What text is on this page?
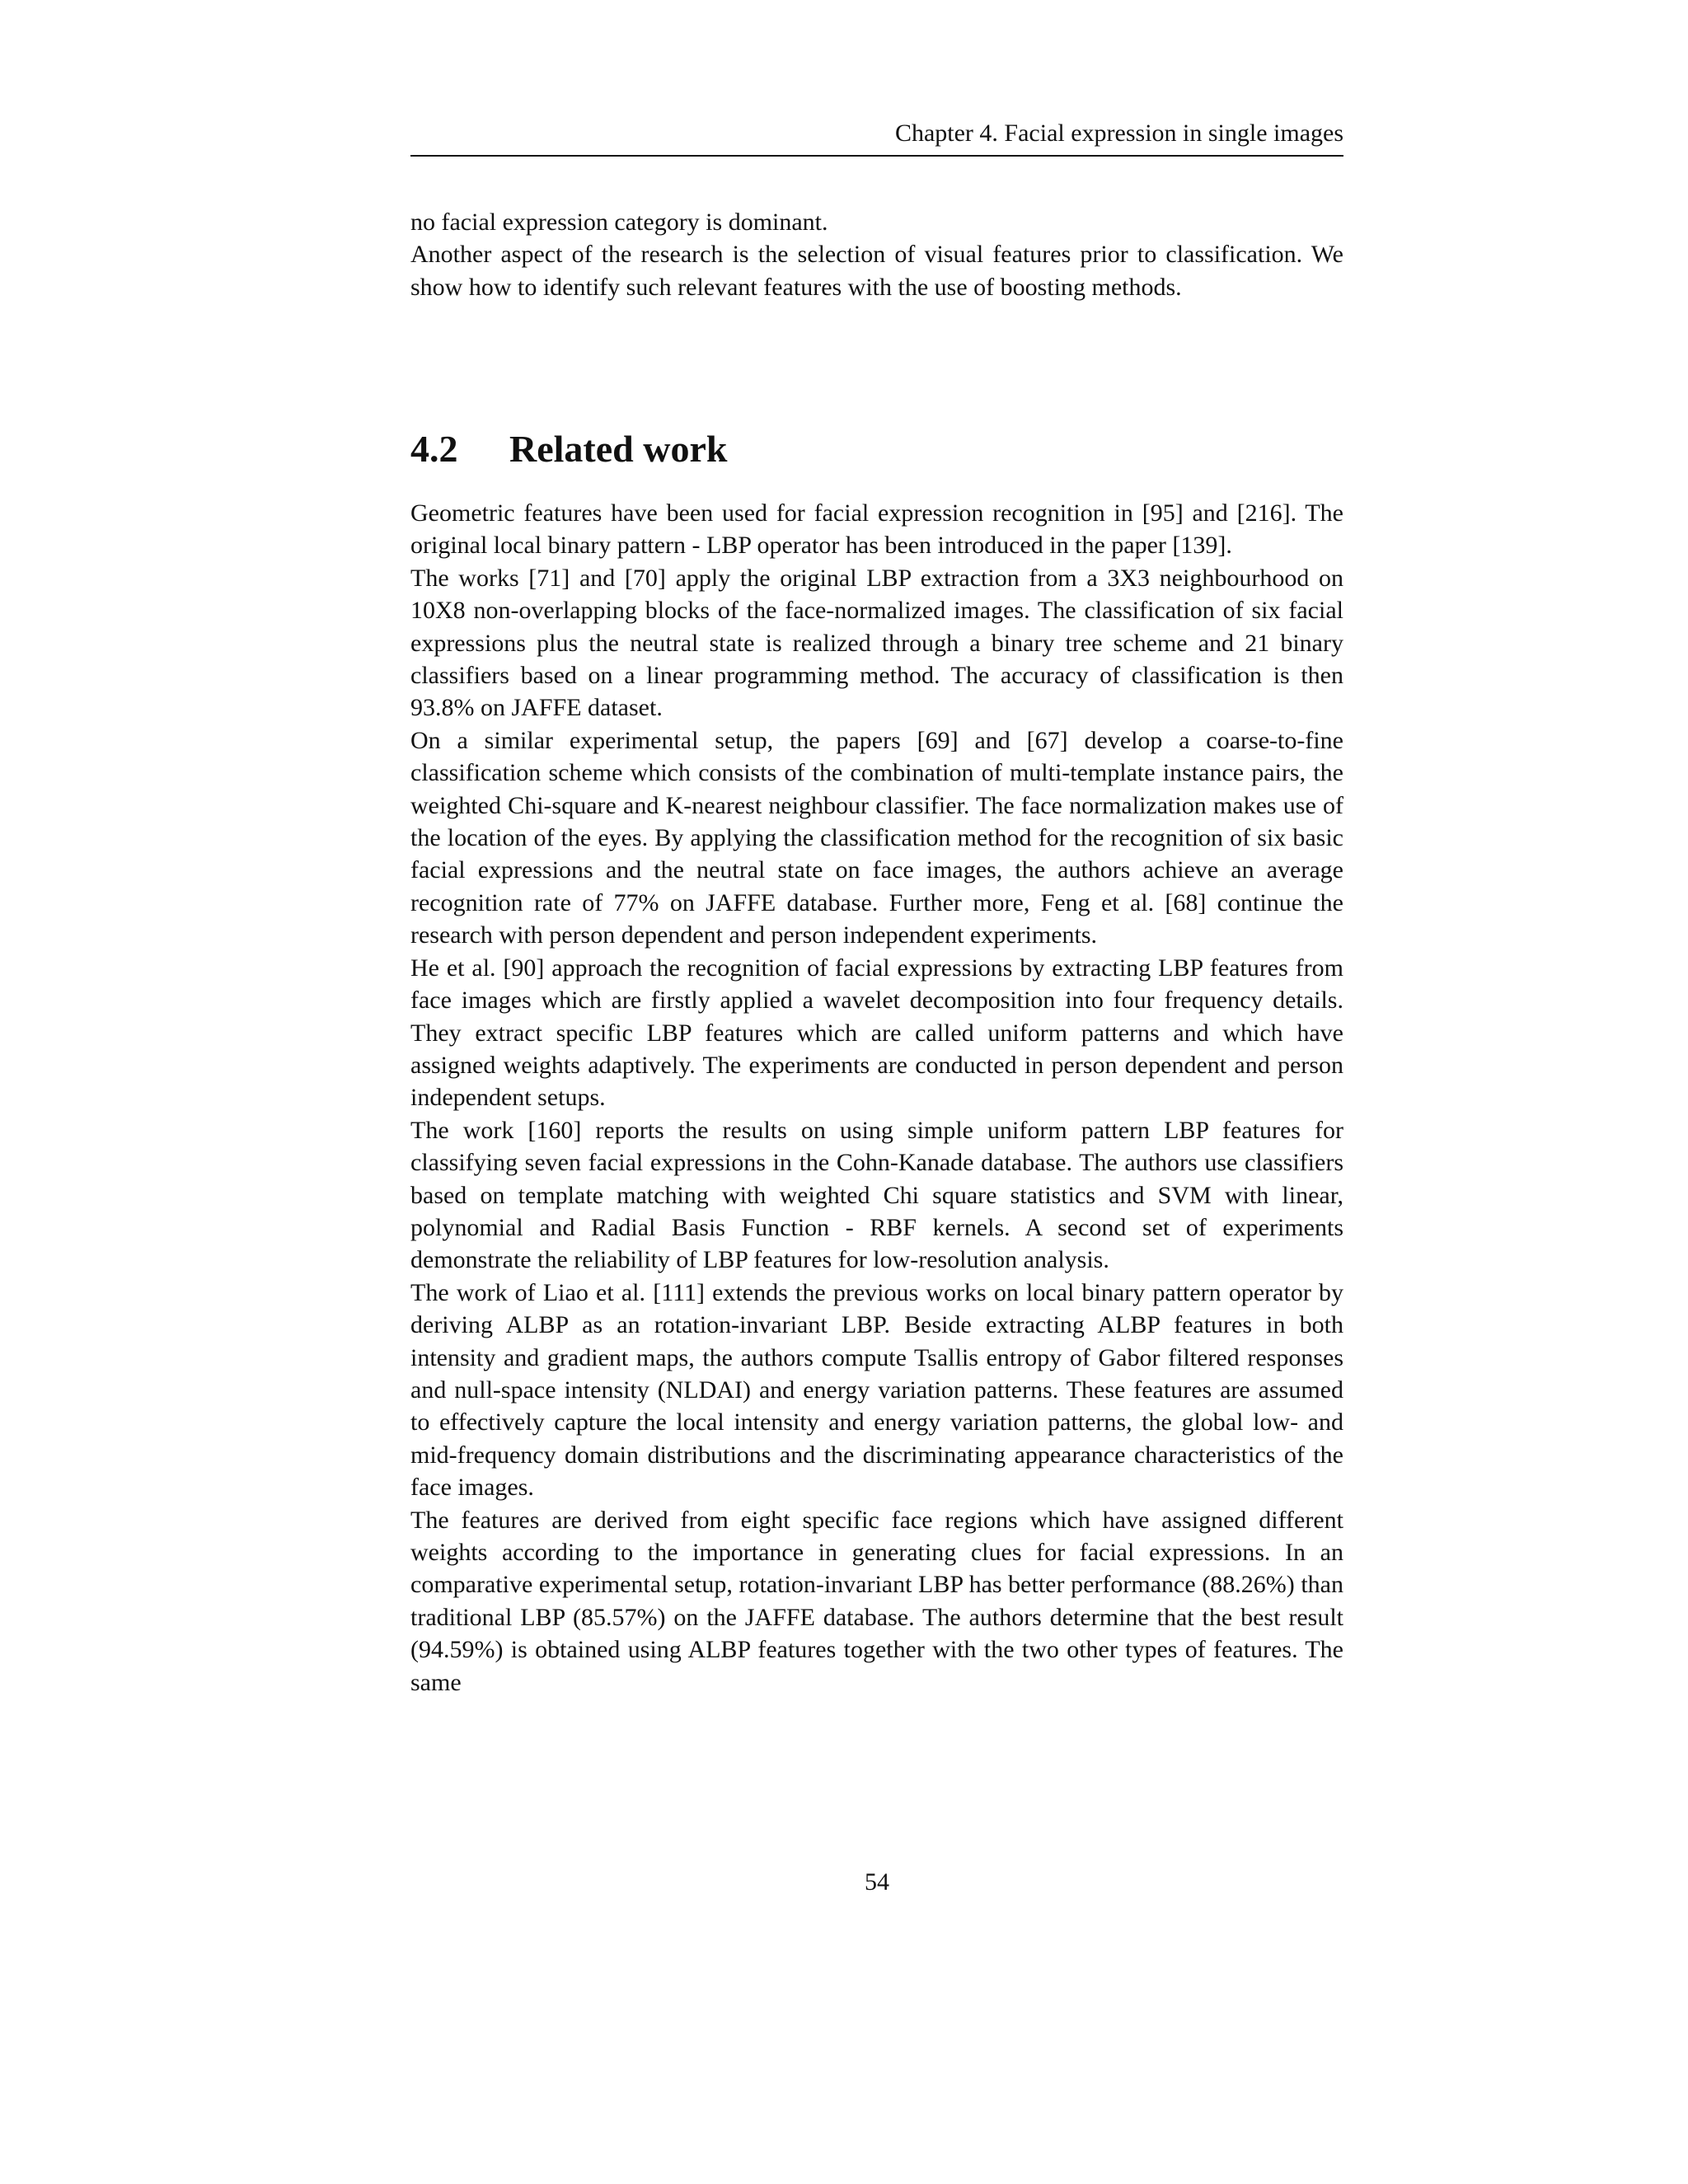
Chapter 4. Facial expression in single images

no facial expression category is dominant.

Another aspect of the research is the selection of visual features prior to classification. We show how to identify such relevant features with the use of boosting methods.

4.2 Related work

Geometric features have been used for facial expression recognition in [95] and [216]. The original local binary pattern - LBP operator has been introduced in the paper [139].

The works [71] and [70] apply the original LBP extraction from a 3X3 neighbourhood on 10X8 non-overlapping blocks of the face-normalized images. The classification of six facial expressions plus the neutral state is realized through a binary tree scheme and 21 binary classifiers based on a linear programming method. The accuracy of classification is then 93.8% on JAFFE dataset.

On a similar experimental setup, the papers [69] and [67] develop a coarse-to-fine classification scheme which consists of the combination of multi-template instance pairs, the weighted Chi-square and K-nearest neighbour classifier. The face normalization makes use of the location of the eyes. By applying the classification method for the recognition of six basic facial expressions and the neutral state on face images, the authors achieve an average recognition rate of 77% on JAFFE database. Further more, Feng et al. [68] continue the research with person dependent and person independent experiments.

He et al. [90] approach the recognition of facial expressions by extracting LBP features from face images which are firstly applied a wavelet decomposition into four frequency details. They extract specific LBP features which are called uniform patterns and which have assigned weights adaptively. The experiments are conducted in person dependent and person independent setups.

The work [160] reports the results on using simple uniform pattern LBP features for classifying seven facial expressions in the Cohn-Kanade database. The authors use classifiers based on template matching with weighted Chi square statistics and SVM with linear, polynomial and Radial Basis Function - RBF kernels. A second set of experiments demonstrate the reliability of LBP features for low-resolution analysis.

The work of Liao et al. [111] extends the previous works on local binary pattern operator by deriving ALBP as an rotation-invariant LBP. Beside extracting ALBP features in both intensity and gradient maps, the authors compute Tsallis entropy of Gabor filtered responses and null-space intensity (NLDAI) and energy variation patterns. These features are assumed to effectively capture the local intensity and energy variation patterns, the global low- and mid-frequency domain distributions and the discriminating appearance characteristics of the face images.

The features are derived from eight specific face regions which have assigned different weights according to the importance in generating clues for facial expressions. In an comparative experimental setup, rotation-invariant LBP has better performance (88.26%) than traditional LBP (85.57%) on the JAFFE database. The authors determine that the best result (94.59%) is obtained using ALBP features together with the two other types of features. The same

54
